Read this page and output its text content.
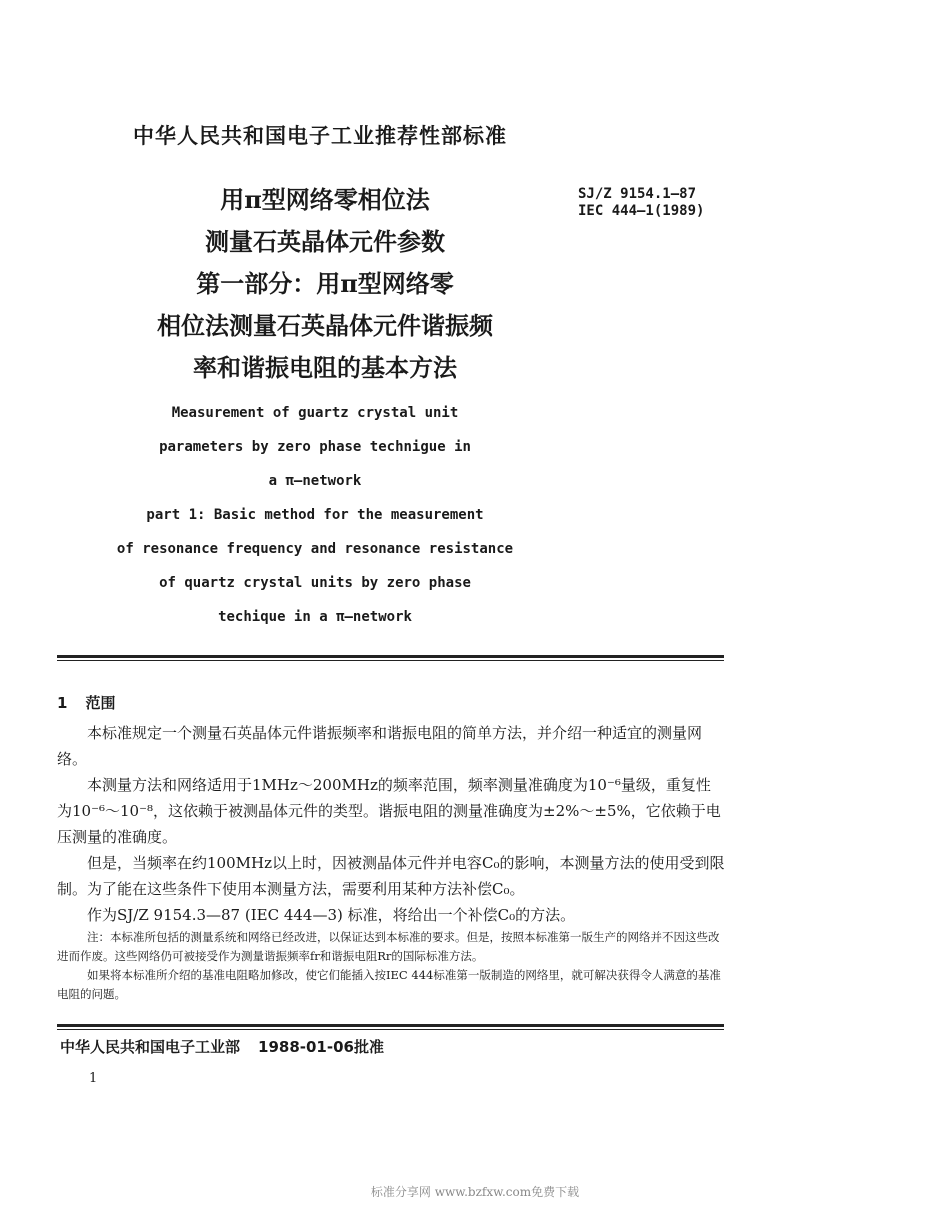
中华人民共和国电子工业推荐性部标准
SJ/Z 9154.1—87
IEC 444—1(1989)
用π型网络零相位法
测量石英晶体元件参数
第一部分：用π型网络零
相位法测量石英晶体元件谐振频
率和谐振电阻的基本方法
Measurement of guartz crystal unit
parameters by zero phase technigue in
a π—network
part 1: Basic method for the measurement
of resonance frequency and resonance resistance
of quartz crystal units by zero phase
techique in a π—network
1 范围

本标准规定一个测量石英晶体元件谐振频率和谐振电阻的简单方法，并介绍一种适宜的测量网络。

本测量方法和网络适用于1MHz～200MHz的频率范围，频率测量准确度为10⁻⁶量级，重复性为10⁻⁶～10⁻⁸，这依赖于被测晶体元件的类型。谐振电阻的测量准确度为±2%～±5%，它依赖于电压测量的准确度。

但是，当频率在约100MHz以上时，因被测晶体元件并电容C₀的影响，本测量方法的使用受到限制。为了能在这些条件下使用本测量方法，需要利用某种方法补偿C₀。

作为SJ/Z 9154.3—87 (IEC 444—3) 标准，将给出一个补偿C₀的方法。

注：本标准所包括的测量系统和网络已经改进，以保证达到本标准的要求。但是，按照本标准第一版生产的网络并不因这些改进而作废。这些网络仍可被接受作为测量谐振频率fr和谐振电阻Rr的国际标准方法。

如果将本标准所介绍的基准电阻略加修改，使它们能插入按IEC 444标准第一版制造的网络里，就可解决获得令人满意的基准电阻的问题。

中华人民共和国电子工业部 1988-01-06批准
1
标准分享网 www.bzfxw.com免费下载
